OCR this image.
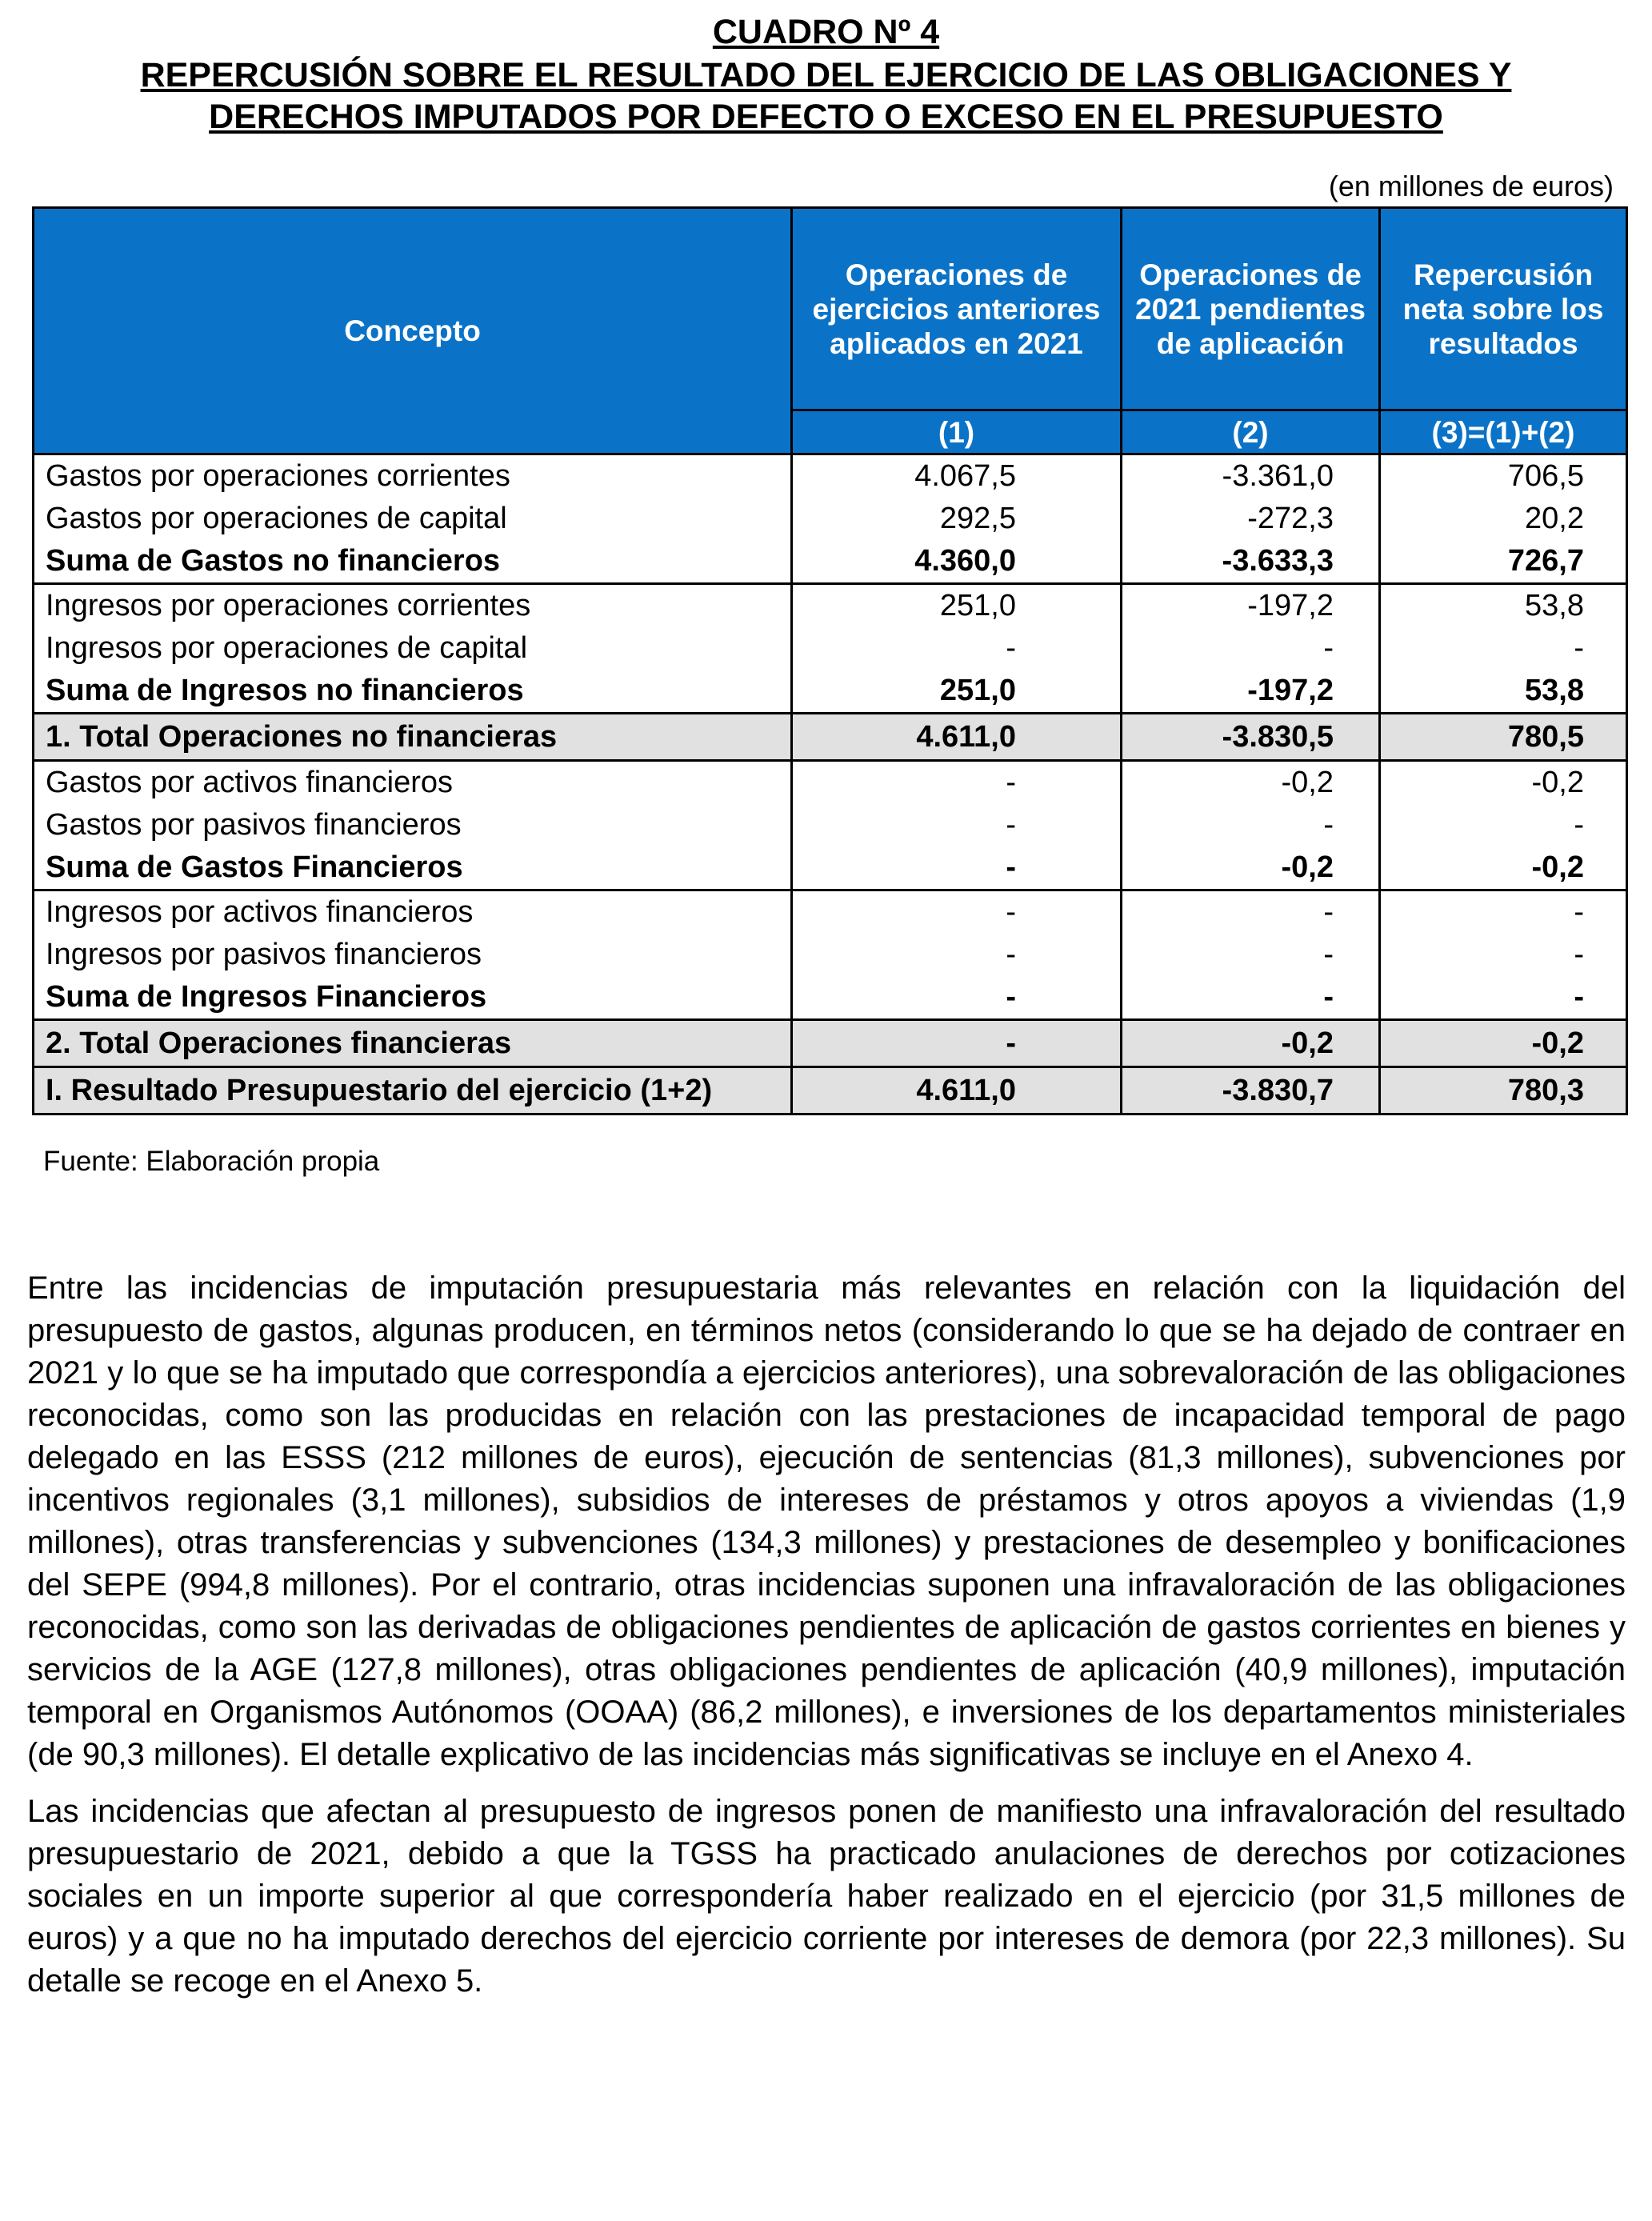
CUADRO Nº 4
REPERCUSIÓN SOBRE EL RESULTADO DEL EJERCICIO DE LAS OBLIGACIONES Y
DERECHOS IMPUTADOS POR DEFECTO O EXCESO EN EL PRESUPUESTO
(en millones de euros)
Concepto	Operaciones de ejercicios anteriores aplicados en 2021	Operaciones de 2021 pendientes de aplicación	Repercusión neta sobre los resultados
	(1)	(2)	(3)=(1)+(2)
Gastos por operaciones corrientes	4.067,5	-3.361,0	706,5
Gastos por operaciones de capital	292,5	-272,3	20,2
Suma de Gastos no financieros	4.360,0	-3.633,3	726,7
Ingresos por operaciones corrientes	251,0	-197,2	53,8
Ingresos por operaciones de capital	-	-	-
Suma de Ingresos no financieros	251,0	-197,2	53,8
1. Total Operaciones no financieras	4.611,0	-3.830,5	780,5
Gastos por activos financieros	-	-0,2	-0,2
Gastos por pasivos financieros	-	-	-
Suma de Gastos Financieros	-	-0,2	-0,2
Ingresos por activos financieros	-	-	-
Ingresos por pasivos financieros	-	-	-
Suma de Ingresos Financieros	-	-	-
2. Total Operaciones financieras	-	-0,2	-0,2
I. Resultado Presupuestario del ejercicio (1+2)	4.611,0	-3.830,7	780,3
Fuente: Elaboración propia

Entre las incidencias de imputación presupuestaria más relevantes en relación con la liquidación del presupuesto de gastos, algunas producen, en términos netos (considerando lo que se ha dejado de contraer en 2021 y lo que se ha imputado que correspondía a ejercicios anteriores), una sobrevaloración de las obligaciones reconocidas, como son las producidas en relación con las prestaciones de incapacidad temporal de pago delegado en las ESSS (212 millones de euros), ejecución de sentencias (81,3 millones), subvenciones por incentivos regionales (3,1 millones), subsidios de intereses de préstamos y otros apoyos a viviendas (1,9 millones), otras transferencias y subvenciones (134,3 millones) y prestaciones de desempleo y bonificaciones del SEPE (994,8 millones). Por el contrario, otras incidencias suponen una infravaloración de las obligaciones reconocidas, como son las derivadas de obligaciones pendientes de aplicación de gastos corrientes en bienes y servicios de la AGE (127,8 millones), otras obligaciones pendientes de aplicación (40,9 millones), imputación temporal en Organismos Autónomos (OOAA) (86,2 millones), e inversiones de los departamentos ministeriales (de 90,3 millones). El detalle explicativo de las incidencias más significativas se incluye en el Anexo 4.

Las incidencias que afectan al presupuesto de ingresos ponen de manifiesto una infravaloración del resultado presupuestario de 2021, debido a que la TGSS ha practicado anulaciones de derechos por cotizaciones sociales en un importe superior al que correspondería haber realizado en el ejercicio (por 31,5 millones de euros) y a que no ha imputado derechos del ejercicio corriente por intereses de demora (por 22,3 millones). Su detalle se recoge en el Anexo 5.
